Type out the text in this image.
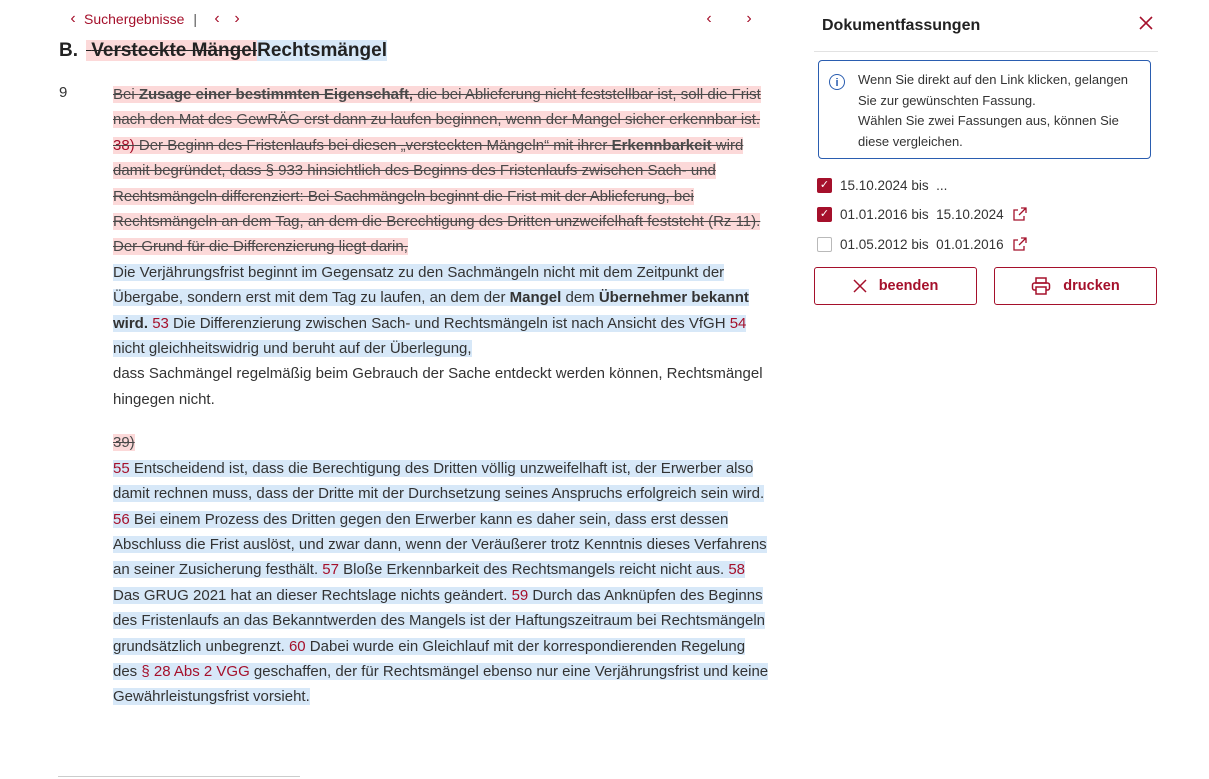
‹ Suchergebnisse |	‹ ›	‹	›
B. Versteckte MängelRechtsmängel
9	Bei Zusage einer bestimmten Eigenschaft, die bei Ablieferung nicht feststellbar ist, soll die Frist nach den Mat des GewRÄG erst dann zu laufen beginnen, wenn der Mangel sicher erkennbar ist. 38) Der Beginn des Fristenlaufs bei diesen „versteckten Mängeln“ mit ihrer Erkennbarkeit wird damit begründet, dass § 933 hinsichtlich des Beginns des Fristenlaufs zwischen Sach- und Rechtsmängeln differenziert: Bei Sachmängeln beginnt die Frist mit der Ablieferung, bei Rechtsmängeln an dem Tag, an dem die Berechtigung des Dritten unzweifelhaft feststeht (Rz 11). Der Grund für die Differenzierung liegt darin,
Die Verjährungsfrist beginnt im Gegensatz zu den Sachmängeln nicht mit dem Zeitpunkt der Übergabe, sondern erst mit dem Tag zu laufen, an dem der Mangel dem Übernehmer bekannt wird. 53 Die Differenzierung zwischen Sach- und Rechtsmängeln ist nach Ansicht des VfGH 54 nicht gleichheitswidrig und beruht auf der Überlegung,
dass Sachmängel regelmäßig beim Gebrauch der Sache entdeckt werden können, Rechtsmängel hingegen nicht.

39)
55 Entscheidend ist, dass die Berechtigung des Dritten völlig unzweifelhaft ist, der Erwerber also damit rechnen muss, dass der Dritte mit der Durchsetzung seines Anspruchs erfolgreich sein wird. 56 Bei einem Prozess des Dritten gegen den Erwerber kann es daher sein, dass erst dessen Abschluss die Frist auslöst, und zwar dann, wenn der Veräußerer trotz Kenntnis dieses Verfahrens an seiner Zusicherung festhält. 57 Bloße Erkennbarkeit des Rechtsmangels reicht nicht aus. 58 Das GRUG 2021 hat an dieser Rechtslage nichts geändert. 59 Durch das Anknüpfen des Beginns des Fristenlaufs an das Bekanntwerden des Mangels ist der Haftungszeitraum bei Rechtsmängeln grundsätzlich unbegrenzt. 60 Dabei wurde ein Gleichlauf mit der korrespondierenden Regelung des § 28 Abs 2 VGG geschaffen, der für Rechtsmängel ebenso nur eine Verjährungsfrist und keine Gewährleistungsfrist vorsieht.

Dokumentfassungen
i	Wenn Sie direkt auf den Link klicken, gelangen Sie zur gewünschten Fassung.
Wählen Sie zwei Fassungen aus, können Sie diese vergleichen.
✓ 15.10.2024 bis  ...
✓ 01.01.2016 bis  15.10.2024
01.05.2012 bis  01.01.2016
beenden	drucken
